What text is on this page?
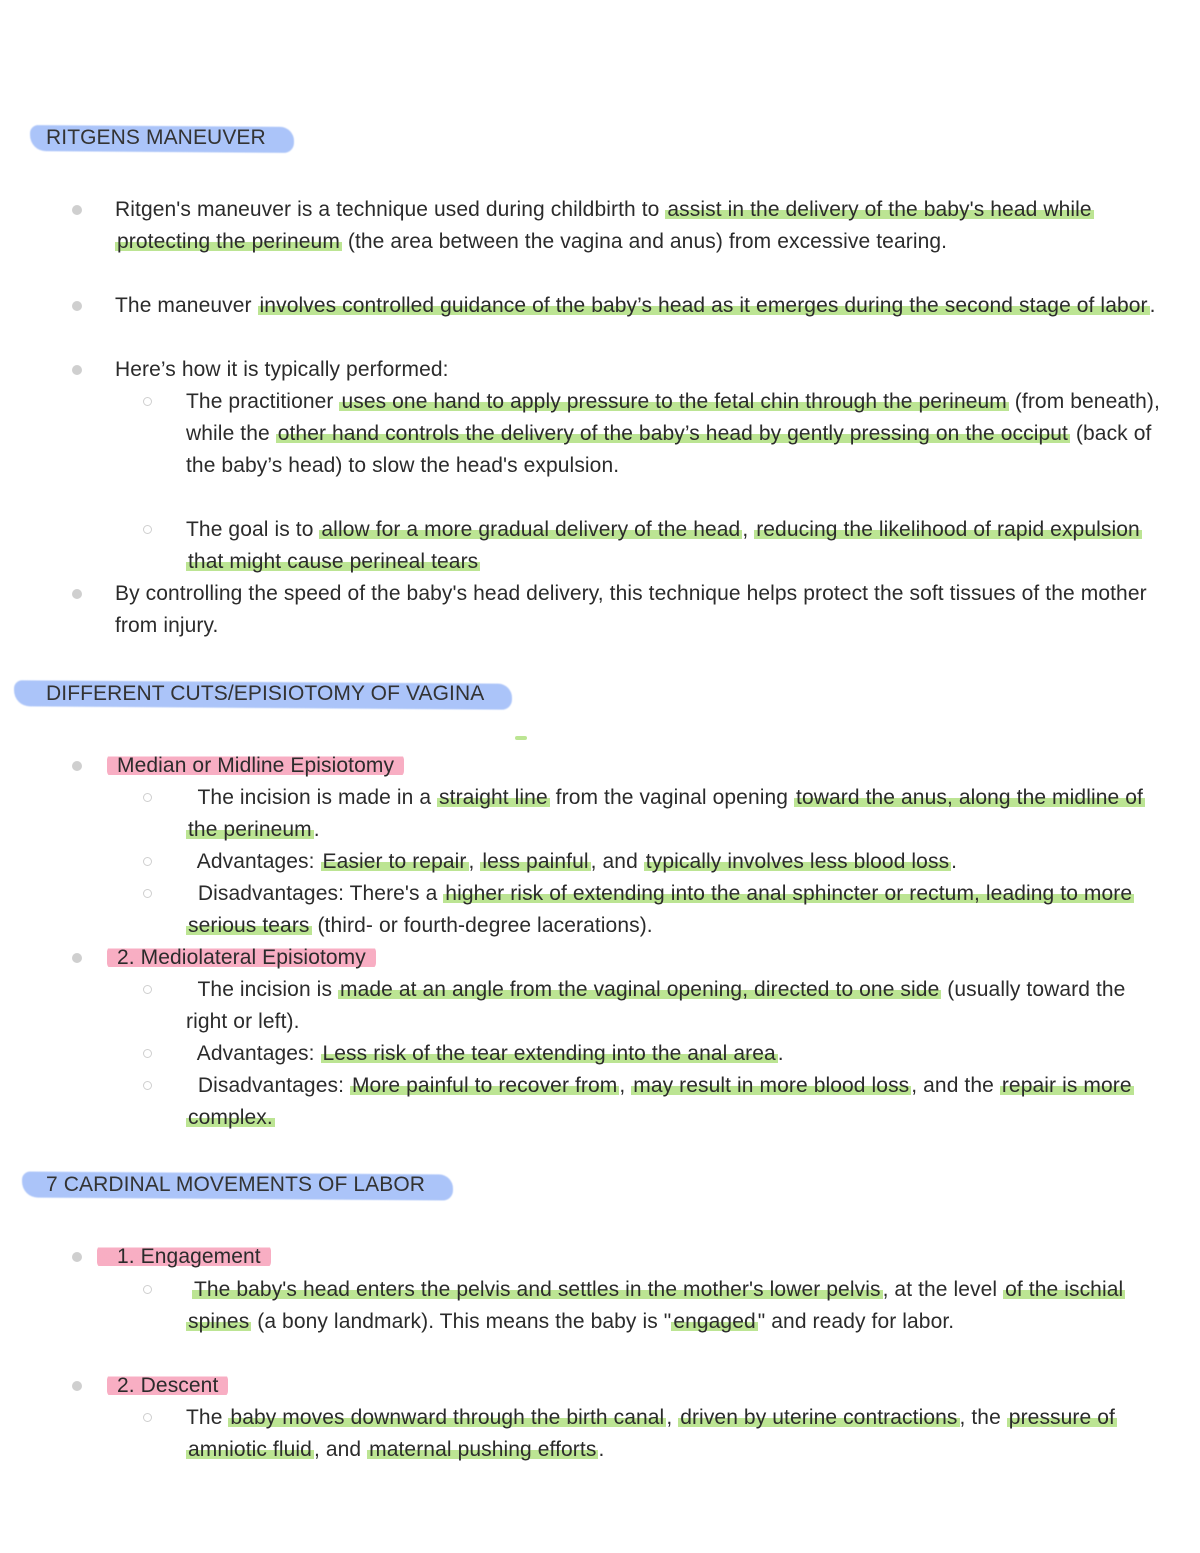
RITGENS MANEUVER
Ritgen's maneuver is a technique used during childbirth to assist in the delivery of the baby's head while protecting the perineum (the area between the vagina and anus) from excessive tearing.
The maneuver involves controlled guidance of the baby’s head as it emerges during the second stage of labor.
Here’s how it is typically performed:
The practitioner uses one hand to apply pressure to the fetal chin through the perineum (from beneath), while the other hand controls the delivery of the baby’s head by gently pressing on the occiput (back of the baby’s head) to slow the head's expulsion.
The goal is to allow for a more gradual delivery of the head, reducing the likelihood of rapid expulsion that might cause perineal tears
By controlling the speed of the baby's head delivery, this technique helps protect the soft tissues of the mother from injury.
DIFFERENT CUTS/EPISIOTOMY OF VAGINA
Median or Midline Episiotomy
The incision is made in a straight line from the vaginal opening toward the anus, along the midline of the perineum.
Advantages: Easier to repair, less painful, and typically involves less blood loss.
Disadvantages: There's a higher risk of extending into the anal sphincter or rectum, leading to more serious tears (third- or fourth-degree lacerations).
2. Mediolateral Episiotomy
The incision is made at an angle from the vaginal opening, directed to one side (usually toward the right or left).
Advantages: Less risk of the tear extending into the anal area.
Disadvantages: More painful to recover from, may result in more blood loss, and the repair is more complex.
7 CARDINAL MOVEMENTS OF LABOR
1. Engagement
The baby's head enters the pelvis and settles in the mother's lower pelvis, at the level of the ischial spines (a bony landmark). This means the baby is "engaged" and ready for labor.
2. Descent
The baby moves downward through the birth canal, driven by uterine contractions, the pressure of amniotic fluid, and maternal pushing efforts.
